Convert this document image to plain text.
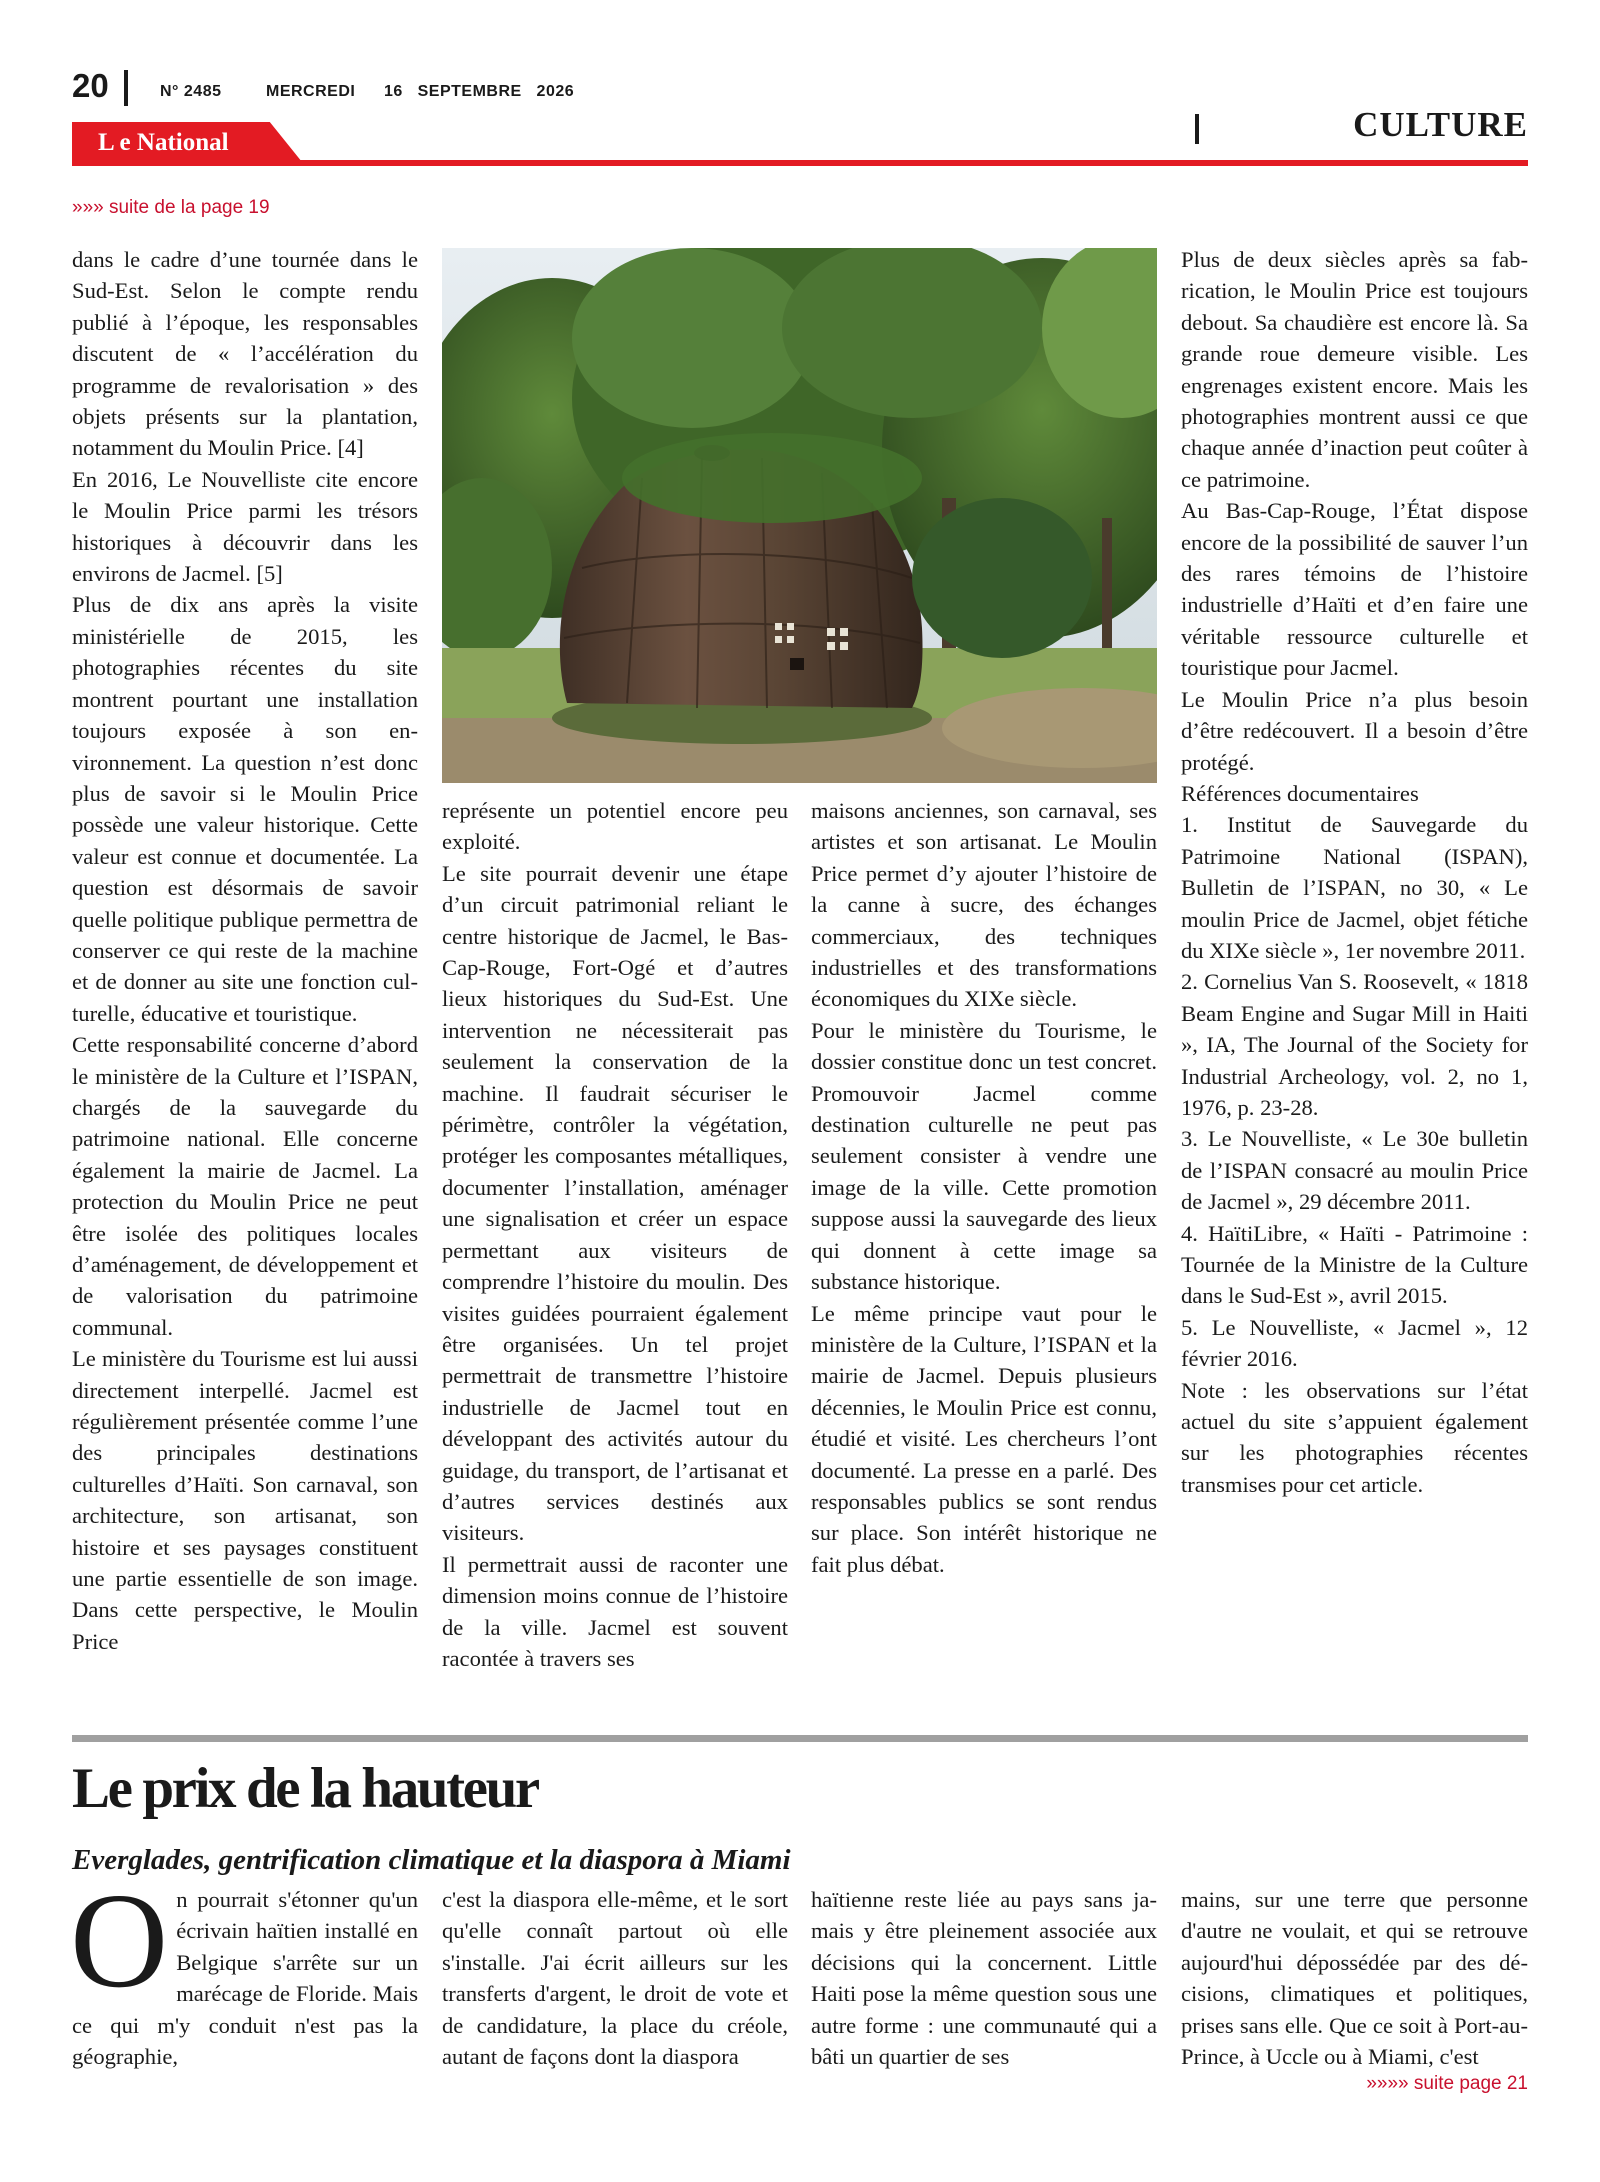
20	N° 2485	MERCREDI 16   SEPTEMBRE   2026
L e National	CULTURE
»»» suite de la page 19

dans le cadre d’une tournée dans le Sud-Est. Selon le compte rendu publié à l’époque, les responsables discutent de « l’accélération du programme de revalorisation » des objets présents sur la plantation, notamment du Moulin Price. [4]

En 2016, Le Nouvelliste cite encore le Moulin Price parmi les trésors historiques à découvrir dans les environs de Jacmel. [5]

Plus de dix ans après la visite ministérielle de 2015, les photographies récentes du site montrent pourtant une installation toujours exposée à son environnement. La question n’est donc plus de savoir si le Moulin Price possède une valeur historique. Cette valeur est connue et documentée. La question est désormais de savoir quelle politique publique permettra de conserver ce qui reste de la machine et de donner au site une fonction culturelle, éducative et touristique.

Cette responsabilité concerne d’abord le ministère de la Culture et l’ISPAN, chargés de la sauvegarde du patrimoine national. Elle concerne également la mairie de Jacmel. La protection du Moulin Price ne peut être isolée des politiques locales d’aménagement, de développement et de valorisation du patrimoine communal.

Le ministère du Tourisme est lui aussi directement interpellé. Jacmel est régulièrement présentée comme l’une des principales destinations culturelles d’Haïti. Son carnaval, son architecture, son artisanat, son histoire et ses paysages constituent une partie essentielle de son image. Dans cette perspective, le Moulin Price

représente un potentiel encore peu exploité.

Le site pourrait devenir une étape d’un circuit patrimonial reliant le centre historique de Jacmel, le Bas-Cap-Rouge, Fort-Ogé et d’autres lieux historiques du Sud-Est. Une intervention ne nécessiterait pas seulement la conservation de la machine. Il faudrait sécuriser le périmètre, contrôler la végétation, protéger les composantes métalliques, documenter l’installation, aménager une signalisation et créer un espace permettant aux visiteurs de comprendre l’histoire du moulin. Des visites guidées pourraient également être organisées. Un tel projet permettrait de transmettre l’histoire industrielle de Jacmel tout en développant des activités autour du guidage, du transport, de l’artisanat et d’autres services destinés aux visiteurs.

Il permettrait aussi de raconter une dimension moins connue de l’histoire de la ville. Jacmel est souvent racontée à travers ses

maisons anciennes, son carnaval, ses artistes et son artisanat. Le Moulin Price permet d’y ajouter l’histoire de la canne à sucre, des échanges commerciaux, des techniques industrielles et des transformations économiques du XIXe siècle.

Pour le ministère du Tourisme, le dossier constitue donc un test concret. Promouvoir Jacmel comme destination culturelle ne peut pas seulement consister à vendre une image de la ville. Cette promotion suppose aussi la sauvegarde des lieux qui donnent à cette image sa substance historique.

Le même principe vaut pour le ministère de la Culture, l’ISPAN et la mairie de Jacmel. Depuis plusieurs décennies, le Moulin Price est connu, étudié et visité. Les chercheurs l’ont documenté. La presse en a parlé. Des responsables publics se sont rendus sur place. Son intérêt historique ne fait plus débat.

Plus de deux siècles après sa fabrication, le Moulin Price est toujours debout. Sa chaudière est encore là. Sa grande roue demeure visible. Les engrenages existent encore. Mais les photographies montrent aussi ce que chaque année d’inaction peut coûter à ce patrimoine.

Au Bas-Cap-Rouge, l’État dispose encore de la possibilité de sauver l’un des rares témoins de l’histoire industrielle d’Haïti et d’en faire une véritable ressource culturelle et touristique pour Jacmel.

Le Moulin Price n’a plus besoin d’être redécouvert. Il a besoin d’être protégé.

Références documentaires

1. Institut de Sauvegarde du Patrimoine National (ISPAN), Bulletin de l’ISPAN, no 30, « Le moulin Price de Jacmel, objet fétiche du XIXe siècle », 1er novembre 2011.

2. Cornelius Van S. Roosevelt, « 1818 Beam Engine and Sugar Mill in Haiti », IA, The Journal of the Society for Industrial Archeology, vol. 2, no 1, 1976, p. 23-28.

3. Le Nouvelliste, « Le 30e bulletin de l’ISPAN consacré au moulin Price de Jacmel », 29 décembre 2011.

4. HaïtiLibre, « Haïti - Patrimoine : Tournée de la Ministre de la Culture dans le Sud-Est », avril 2015.

5. Le Nouvelliste, « Jacmel », 12 février 2016.

Note : les observations sur l’état actuel du site s’appuient également sur les photographies récentes transmises pour cet article.

Le prix de la hauteur
Everglades, gentrification climatique et la diaspora à Miami
On pourrait s'étonner qu'un écrivain haïtien installé en Belgique s'arrête sur un marécage de Floride. Mais ce qui m'y conduit n'est pas la géographie,
c'est la diaspora elle-même, et le sort qu'elle connaît partout où elle s'installe. J'ai écrit ailleurs sur les transferts d'argent, le droit de vote et de candidature, la place du créole, autant de façons dont la diaspora
haïtienne reste liée au pays sans jamais y être pleinement associée aux décisions qui la concernent. Little Haiti pose la même question sous une autre forme : une communauté qui a bâti un quartier de ses
mains, sur une terre que personne d'autre ne voulait, et qui se retrouve aujourd'hui dépossédée par des décisions, climatiques et politiques, prises sans elle. Que ce soit à Port-au-Prince, à Uccle ou à Miami, c'est
»»»» suite page 21
